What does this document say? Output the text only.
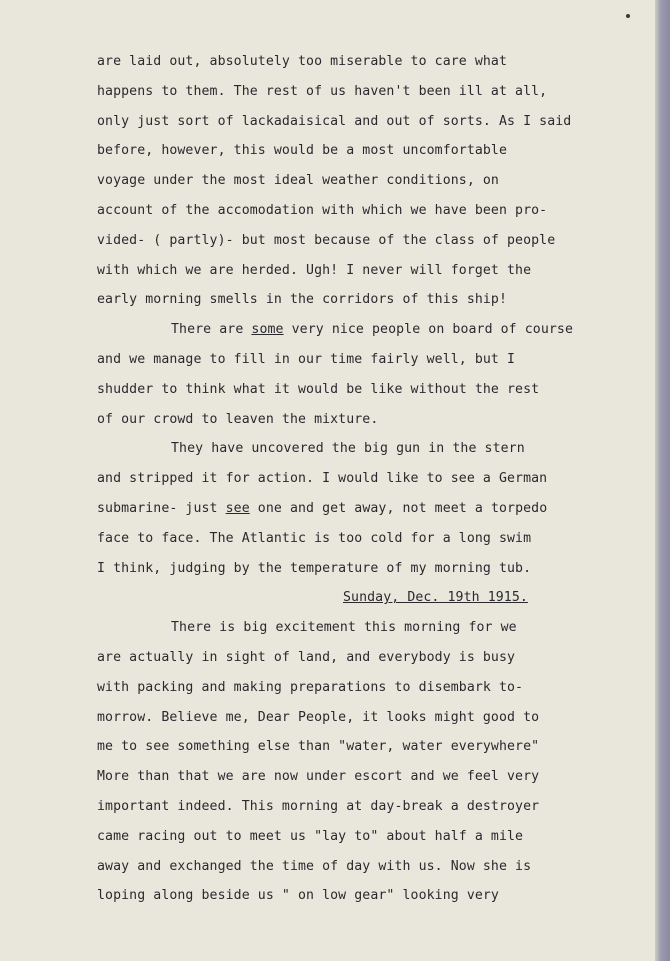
are laid out, absolutely too miserable to care what
happens to them. The rest of us haven't been ill at all,
only just sort of lackadaisical and out of sorts. As I said
before, however, this would be a most uncomfortable
voyage under the most ideal weather conditions, on
account of the accomodation with which we have been pro-
vided- ( partly)- but most because of the class of people
with which we are herded. Ugh! I never will forget the
early morning smells in the corridors of this ship!
There are some very nice people on board of course
and we manage to fill in our time fairly well, but I
shudder to think what it would be like without the rest
of our crowd to leaven the mixture.
They have uncovered the big gun in the stern
and stripped it for action. I would like to see a German
submarine- just see one and get away, not meet a torpedo
face to face. The Atlantic is too cold for a long swim
I think, judging by the temperature of my morning tub.
Sunday, Dec. 19th 1915.
There is big excitement this morning for we
are actually in sight of land, and everybody is busy
with packing and making preparations to disembark to-
morrow. Believe me, Dear People, it looks might good to
me to see something else than "water, water everywhere"
More than that we are now under escort and we feel very
important indeed. This morning at day-break a destroyer
came racing out to meet us "lay to" about half a mile
away and exchanged the time of day with us. Now she is
loping along beside us " on low gear" looking very
